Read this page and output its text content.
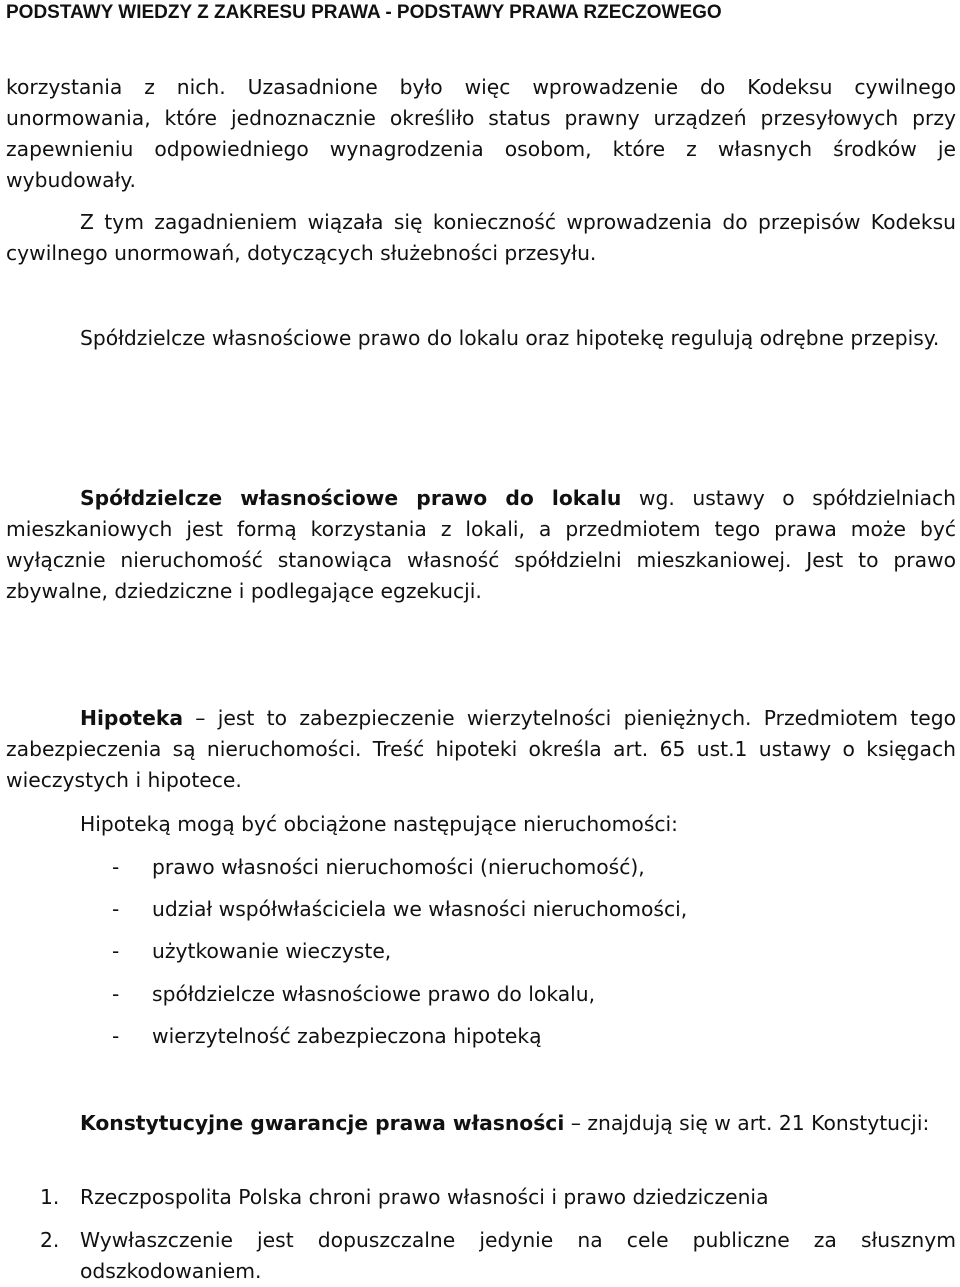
PODSTAWY WIEDZY Z ZAKRESU PRAWA - PODSTAWY PRAWA RZECZOWEGO

korzystania z nich. Uzasadnione było więc wprowadzenie do Kodeksu cywilnego unormowania, które jednoznacznie określiło status prawny urządzeń przesyłowych przy zapewnieniu odpowiedniego wynagrodzenia osobom, które z własnych środków je wybudowały.

Z tym zagadnieniem wiązała się konieczność wprowadzenia do przepisów Kodeksu cywilnego unormowań, dotyczących służebności przesyłu.

Spółdzielcze własnościowe prawo do lokalu oraz hipotekę regulują odrębne przepisy.

Spółdzielcze własnościowe prawo do lokalu wg. ustawy o spółdzielniach mieszkaniowych jest formą korzystania z lokali, a przedmiotem tego prawa może być wyłącznie nieruchomość stanowiąca własność spółdzielni mieszkaniowej. Jest to prawo zbywalne, dziedziczne i podlegające egzekucji.

Hipoteka – jest to zabezpieczenie wierzytelności pieniężnych. Przedmiotem tego zabezpieczenia są nieruchomości. Treść hipoteki określa art. 65 ust.1 ustawy o księgach wieczystych i hipotece.

Hipoteką mogą być obciążone następujące nieruchomości:

- prawo własności nieruchomości (nieruchomość),
- udział współwłaściciela we własności nieruchomości,
- użytkowanie wieczyste,
- spółdzielcze własnościowe prawo do lokalu,
- wierzytelność zabezpieczona hipoteką

Konstytucyjne gwarancje prawa własności – znajdują się w art. 21 Konstytucji:

1. Rzeczpospolita Polska chroni prawo własności i prawo dziedziczenia
2. Wywłaszczenie jest dopuszczalne jedynie na cele publiczne za słusznym odszkodowaniem.
